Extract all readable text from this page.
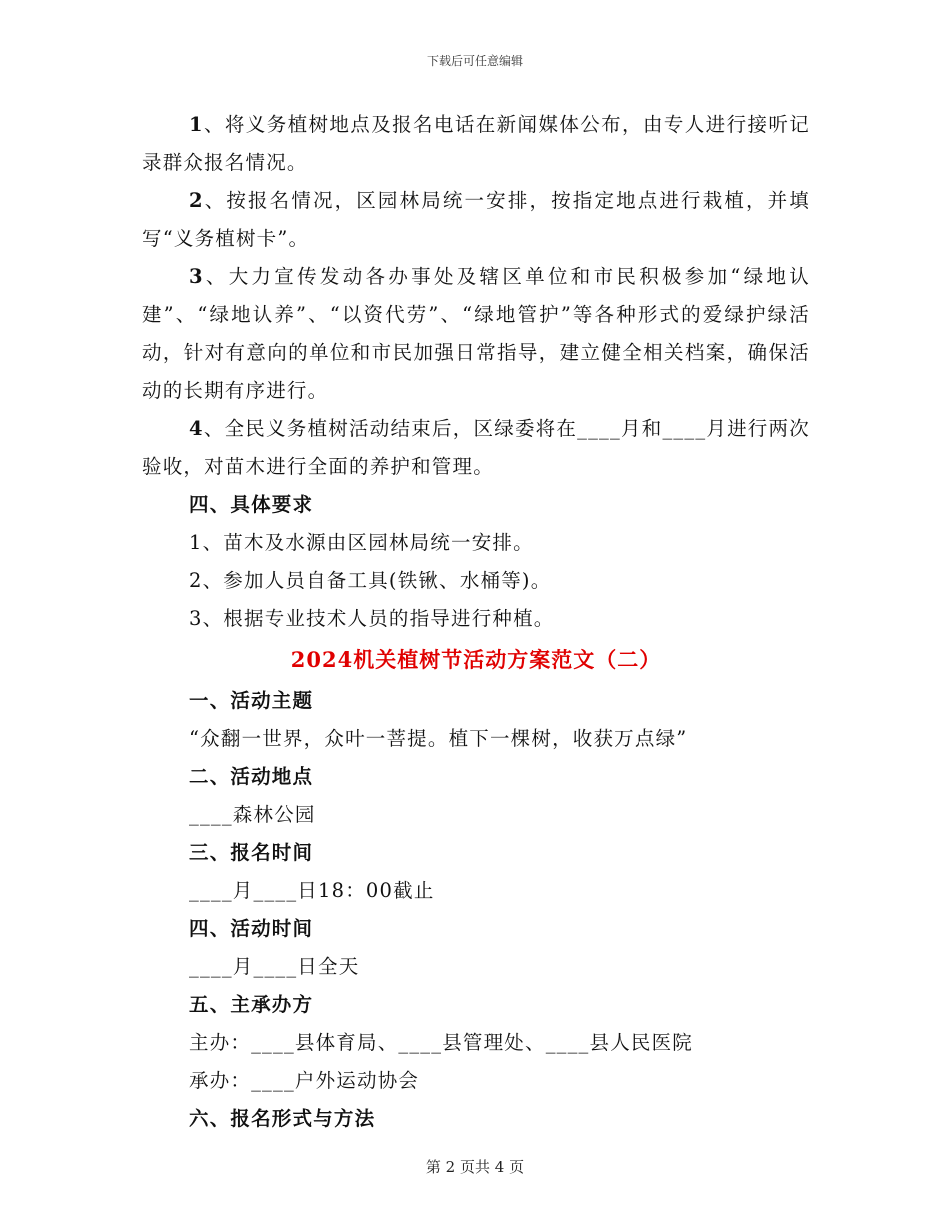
下载后可任意编辑

1、将义务植树地点及报名电话在新闻媒体公布，由专人进行接听记录群众报名情况。

2、按报名情况，区园林局统一安排，按指定地点进行栽植，并填写“义务植树卡”。

3、大力宣传发动各办事处及辖区单位和市民积极参加“绿地认建”、“绿地认养”、“以资代劳”、“绿地管护”等各种形式的爱绿护绿活动，针对有意向的单位和市民加强日常指导，建立健全相关档案，确保活动的长期有序进行。

4、全民义务植树活动结束后，区绿委将在____月和____月进行两次验收，对苗木进行全面的养护和管理。

四、具体要求

1、苗木及水源由区园林局统一安排。

2、参加人员自备工具(铁锹、水桶等)。

3、根据专业技术人员的指导进行种植。

2024机关植树节活动方案范文（二）

一、活动主题

“众翻一世界，众叶一菩提。植下一棵树，收获万点绿”

二、活动地点

____森林公园

三、报名时间

____月____日18：00截止

四、活动时间

____月____日全天

五、主承办方

主办：____县体育局、____县管理处、____县人民医院

承办：____户外运动协会

六、报名形式与方法

第 2 页共 4 页
